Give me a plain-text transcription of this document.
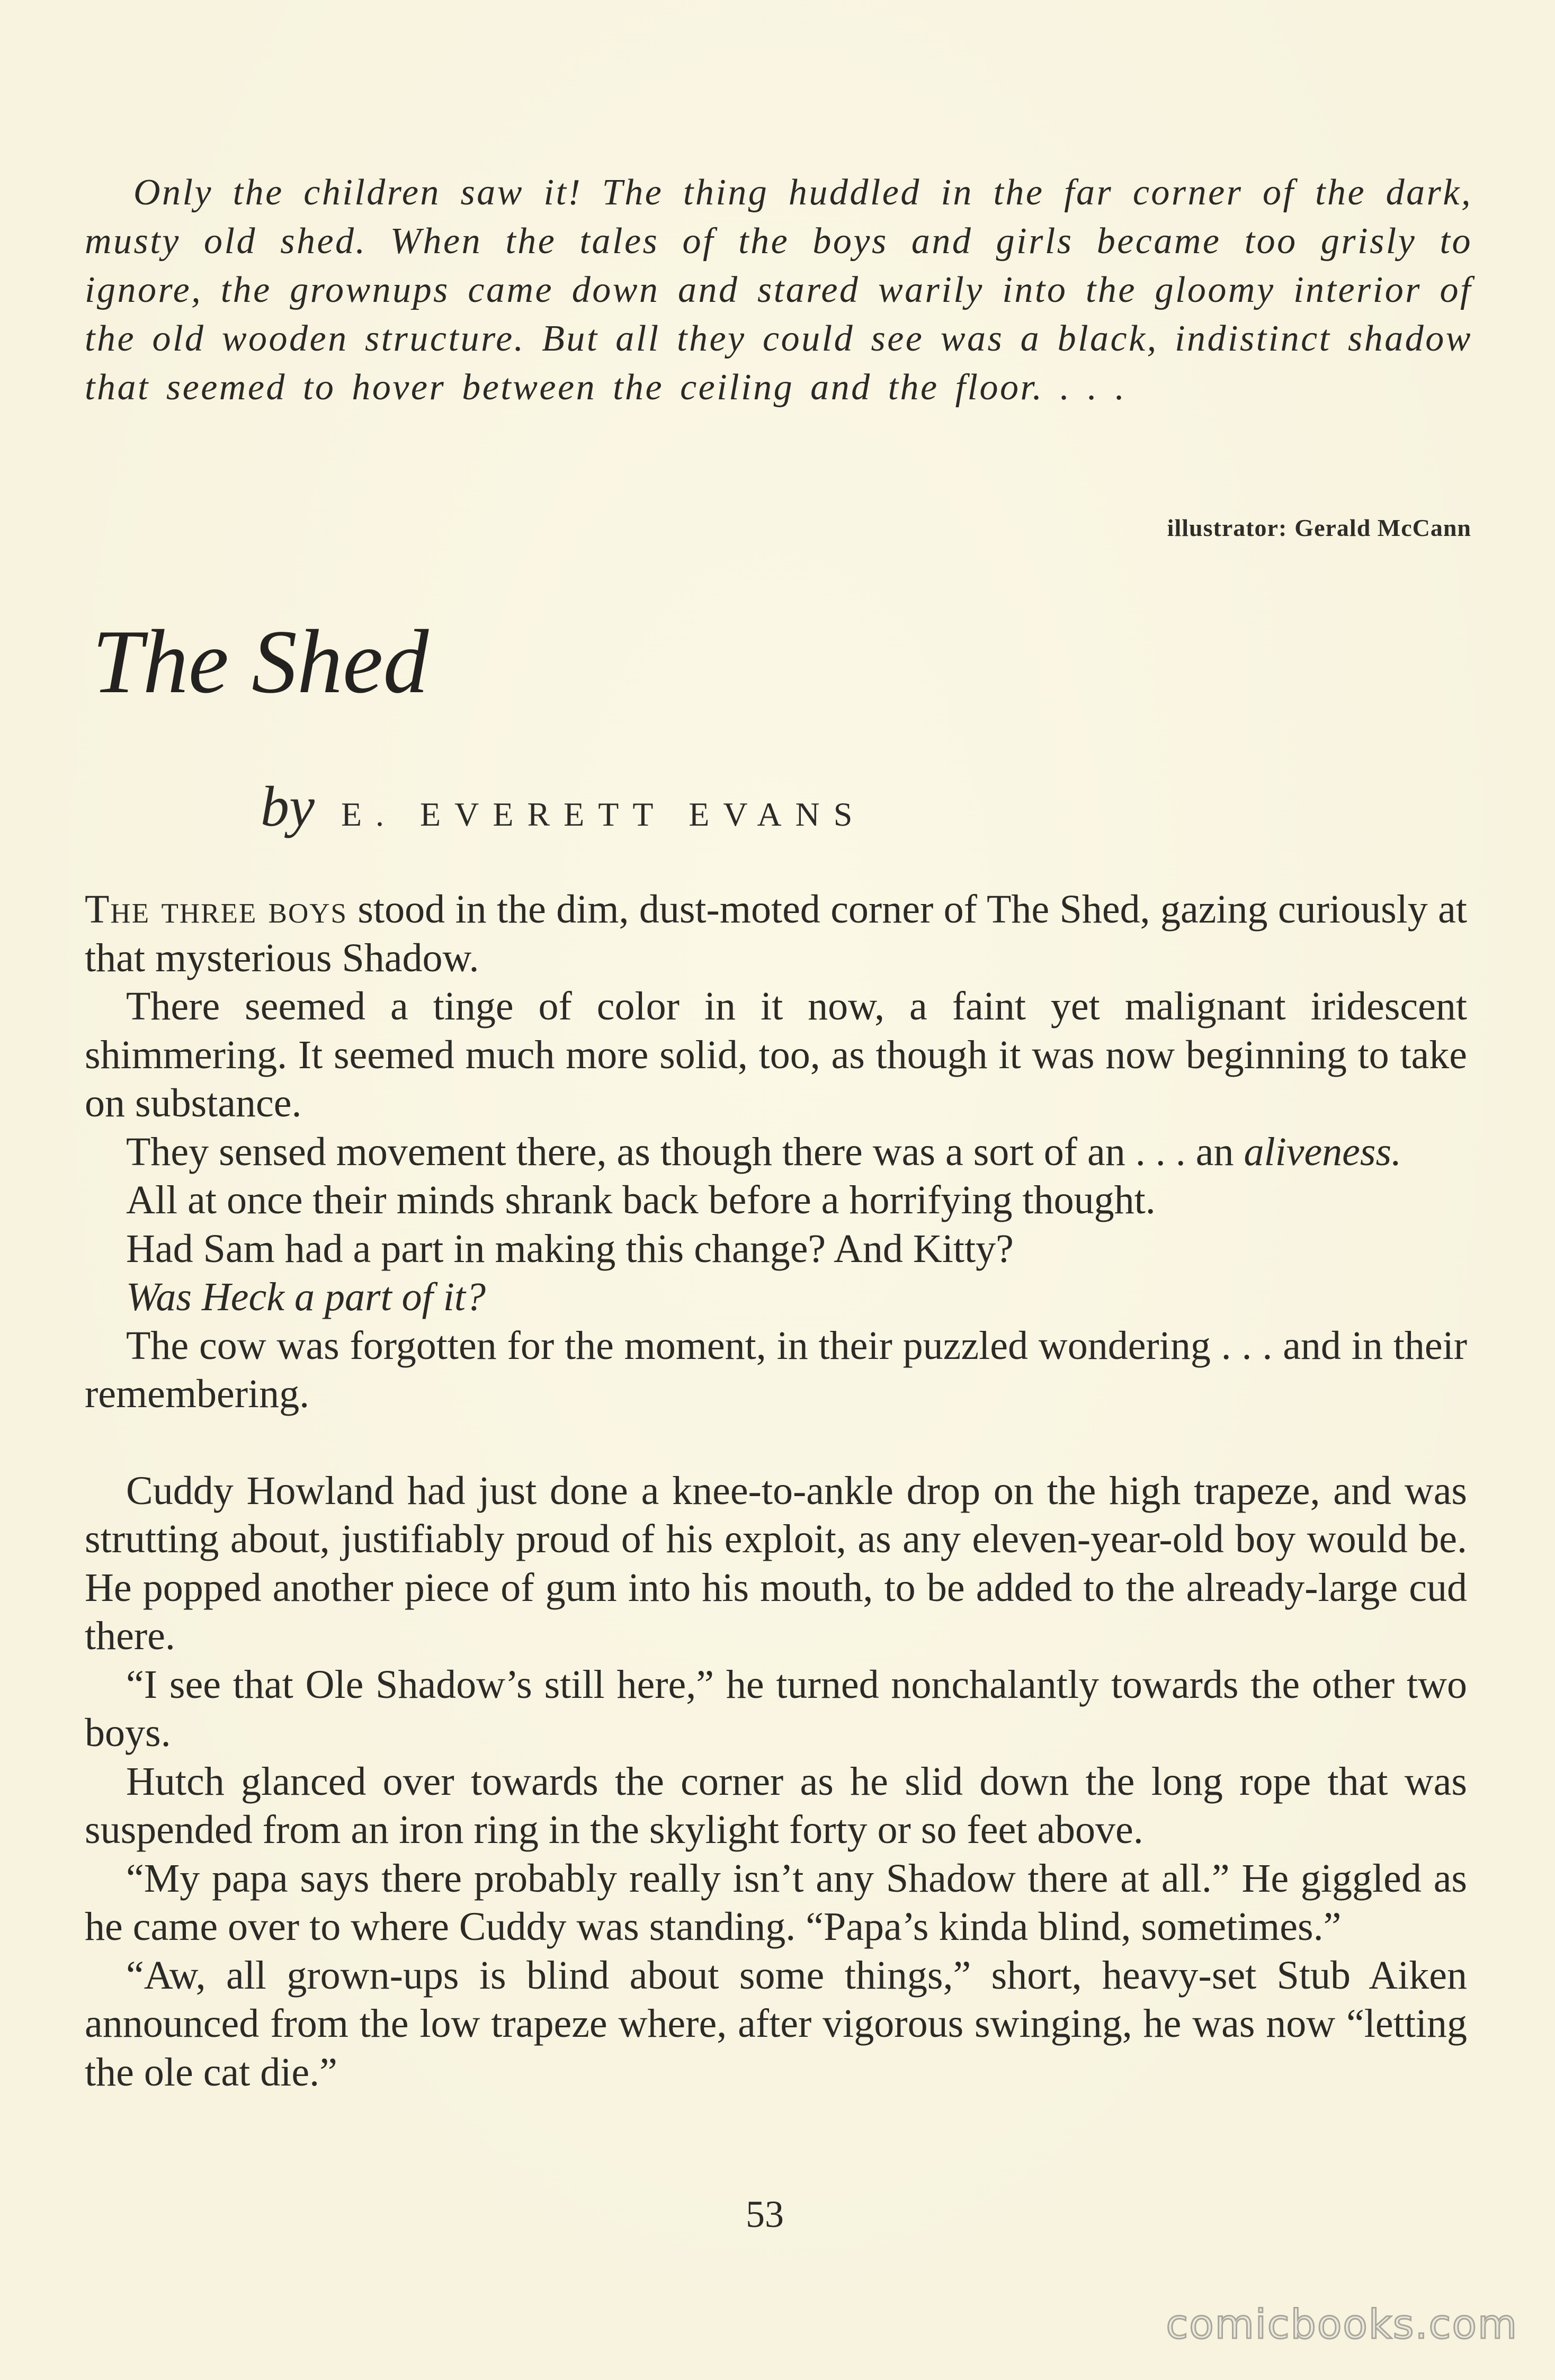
Only the children saw it! The thing huddled in the far corner of the dark, musty old shed. When the tales of the boys and girls became too grisly to ignore, the grownups came down and stared warily into the gloomy interior of the old wooden structure. But all they could see was a black, indistinct shadow that seemed to hover between the ceiling and the floor. . . .
illustrator: Gerald McCann
The Shed
by E. EVERETT EVANS

The three boys stood in the dim, dust-moted corner of The Shed, gazing curiously at that mysterious Shadow.

There seemed a tinge of color in it now, a faint yet malignant iridescent shimmering. It seemed much more solid, too, as though it was now beginning to take on substance.

They sensed movement there, as though there was a sort of an . . . an aliveness.

All at once their minds shrank back before a horrifying thought.

Had Sam had a part in making this change? And Kitty?

Was Heck a part of it?

The cow was forgotten for the moment, in their puzzled wondering . . . and in their remembering.

Cuddy Howland had just done a knee-to-ankle drop on the high trapeze, and was strutting about, justifiably proud of his exploit, as any eleven-year-old boy would be. He popped another piece of gum into his mouth, to be added to the already-large cud there.

“I see that Ole Shadow’s still here,” he turned nonchalantly towards the other two boys.

Hutch glanced over towards the corner as he slid down the long rope that was suspended from an iron ring in the skylight forty or so feet above.

“My papa says there probably really isn’t any Shadow there at all.” He giggled as he came over to where Cuddy was standing. “Papa’s kinda blind, sometimes.”

“Aw, all grown-ups is blind about some things,” short, heavy-set Stub Aiken announced from the low trapeze where, after vigorous swinging, he was now “letting the ole cat die.”

53
comicbooks.com
